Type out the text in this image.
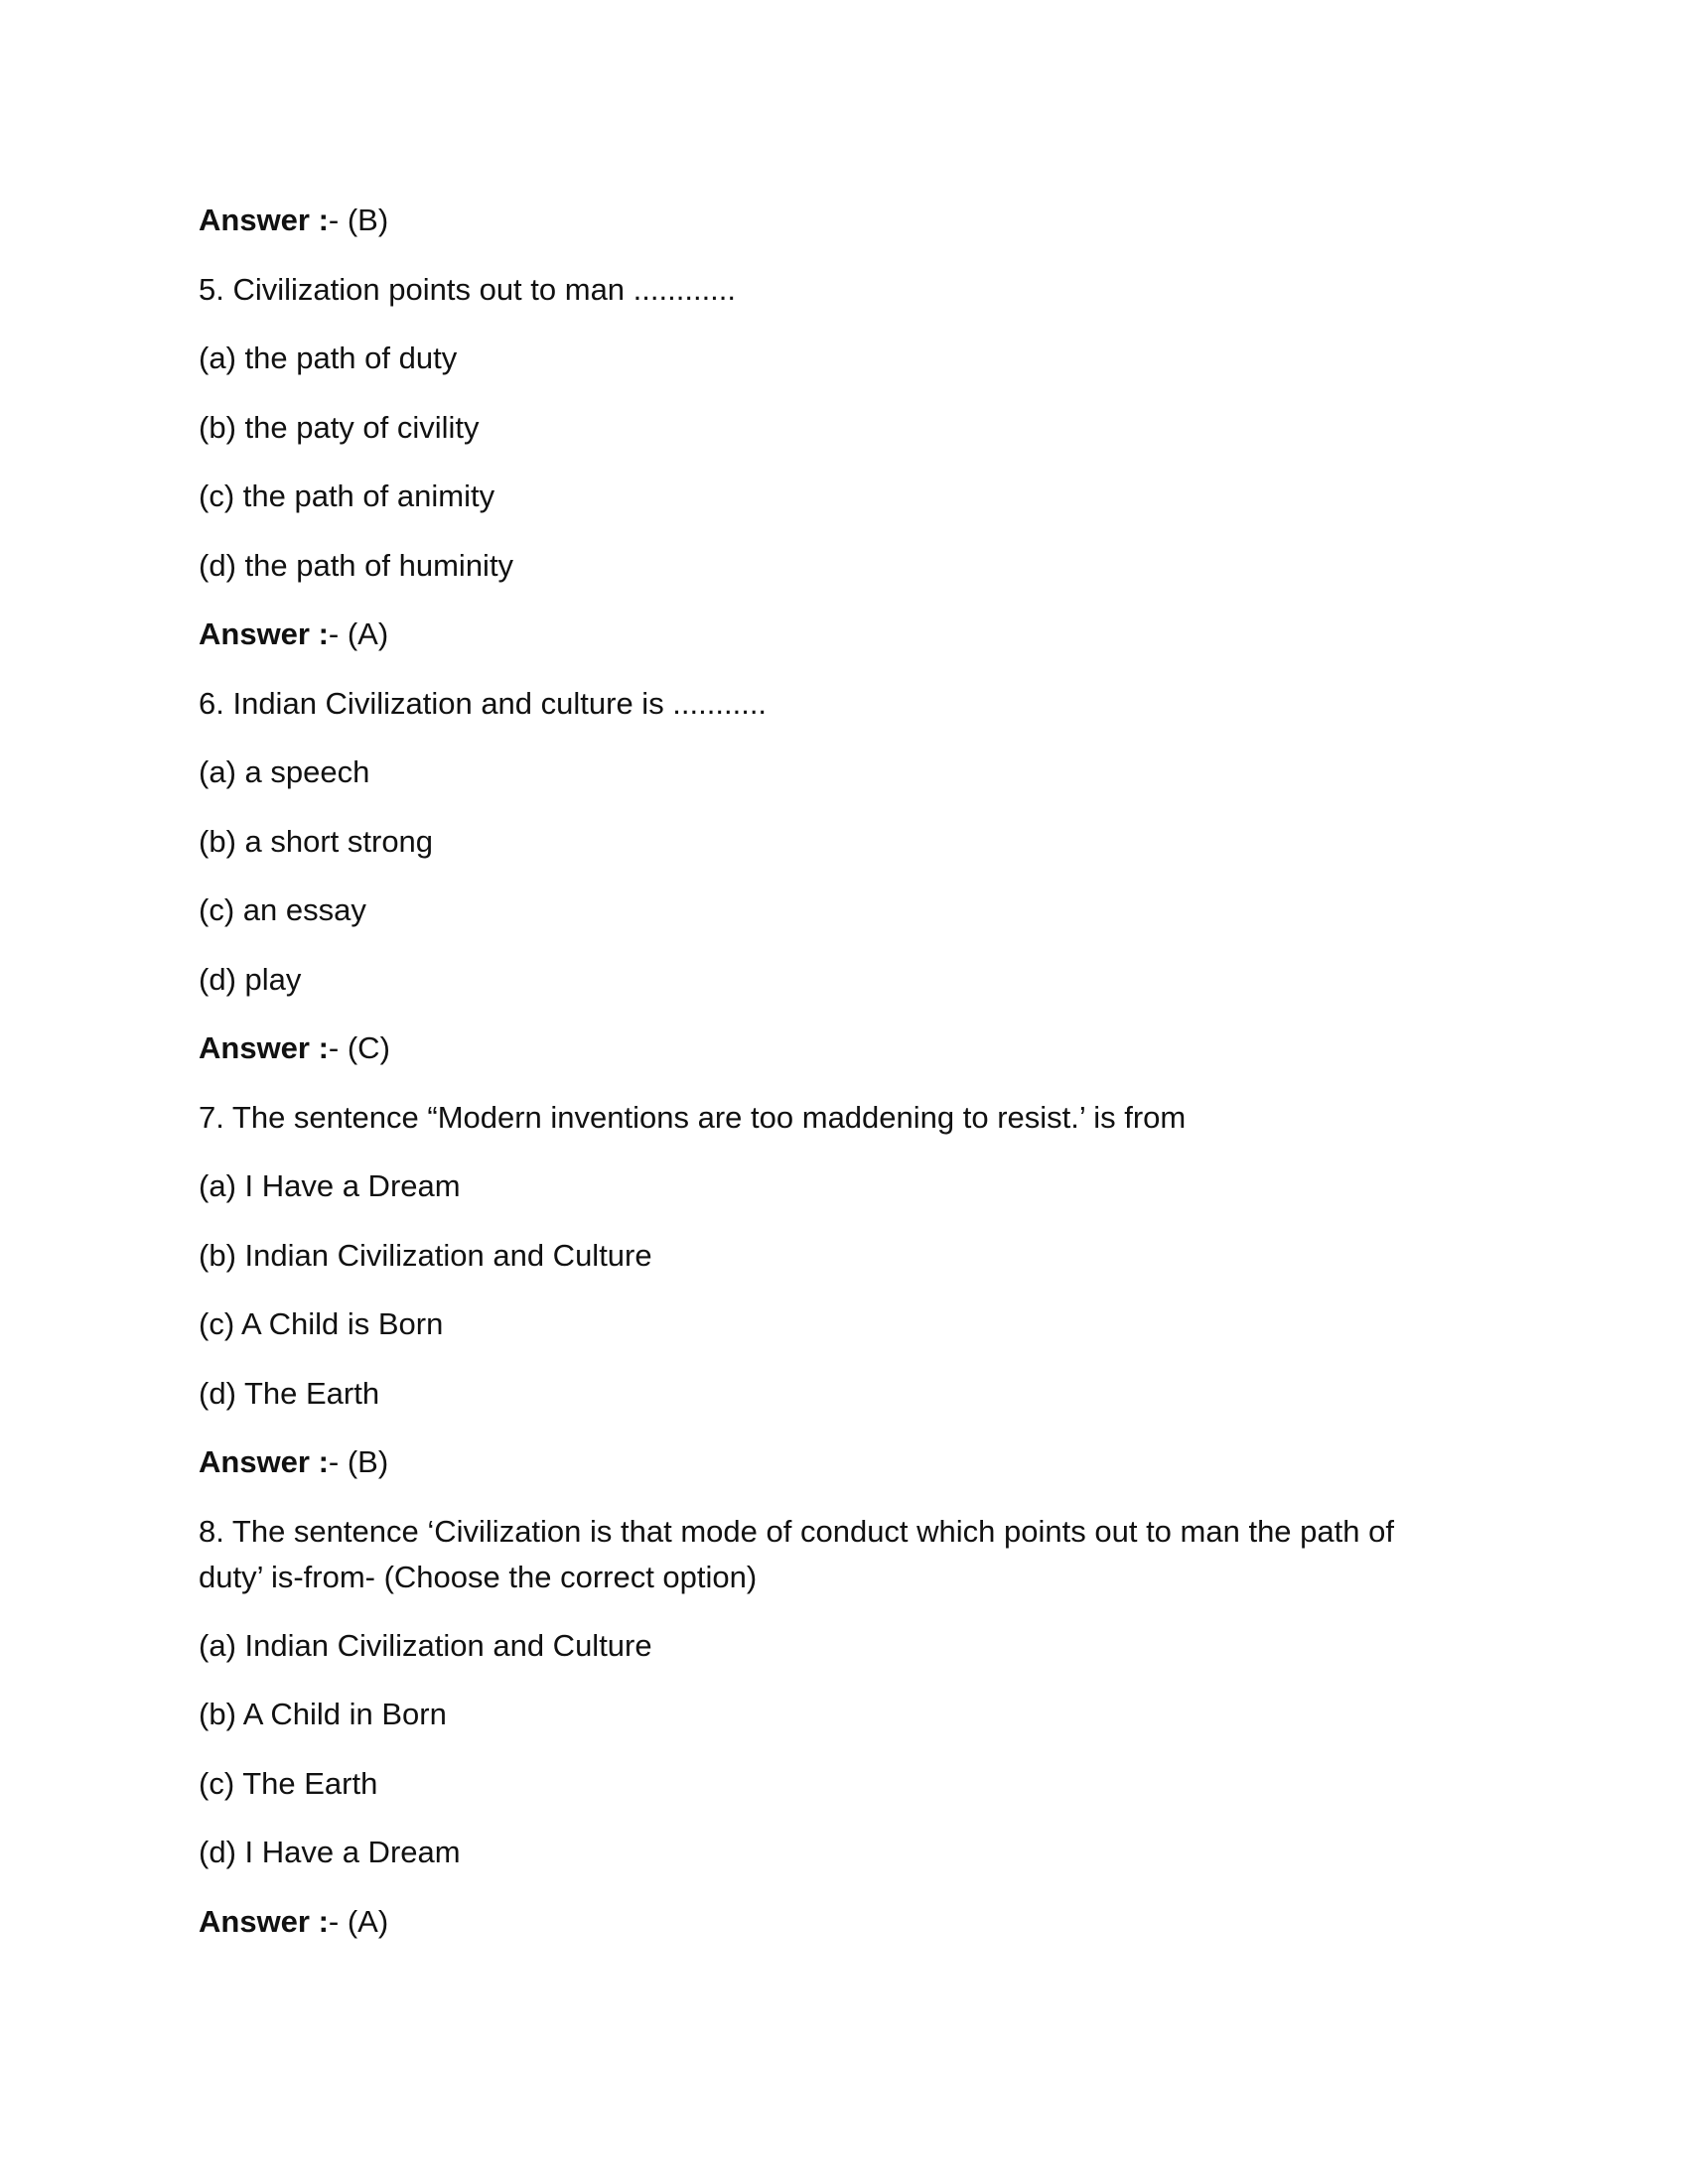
Answer :- (B)
5. Civilization points out to man ............
(a) the path of duty
(b) the paty of civility
(c) the path of animity
(d) the path of huminity
Answer :- (A)
6. Indian Civilization and culture is ...........
(a) a speech
(b) a short strong
(c) an essay
(d) play
Answer :- (C)
7. The sentence “Modern inventions are too maddening to resist.’ is from
(a) I Have a Dream
(b) Indian Civilization and Culture
(c) A Child is Born
(d) The Earth
Answer :- (B)
8. The sentence ‘Civilization is that mode of conduct which points out to man the path of duty’ is-from- (Choose the correct option)
(a) Indian Civilization and Culture
(b) A Child in Born
(c) The Earth
(d) I Have a Dream
Answer :- (A)
